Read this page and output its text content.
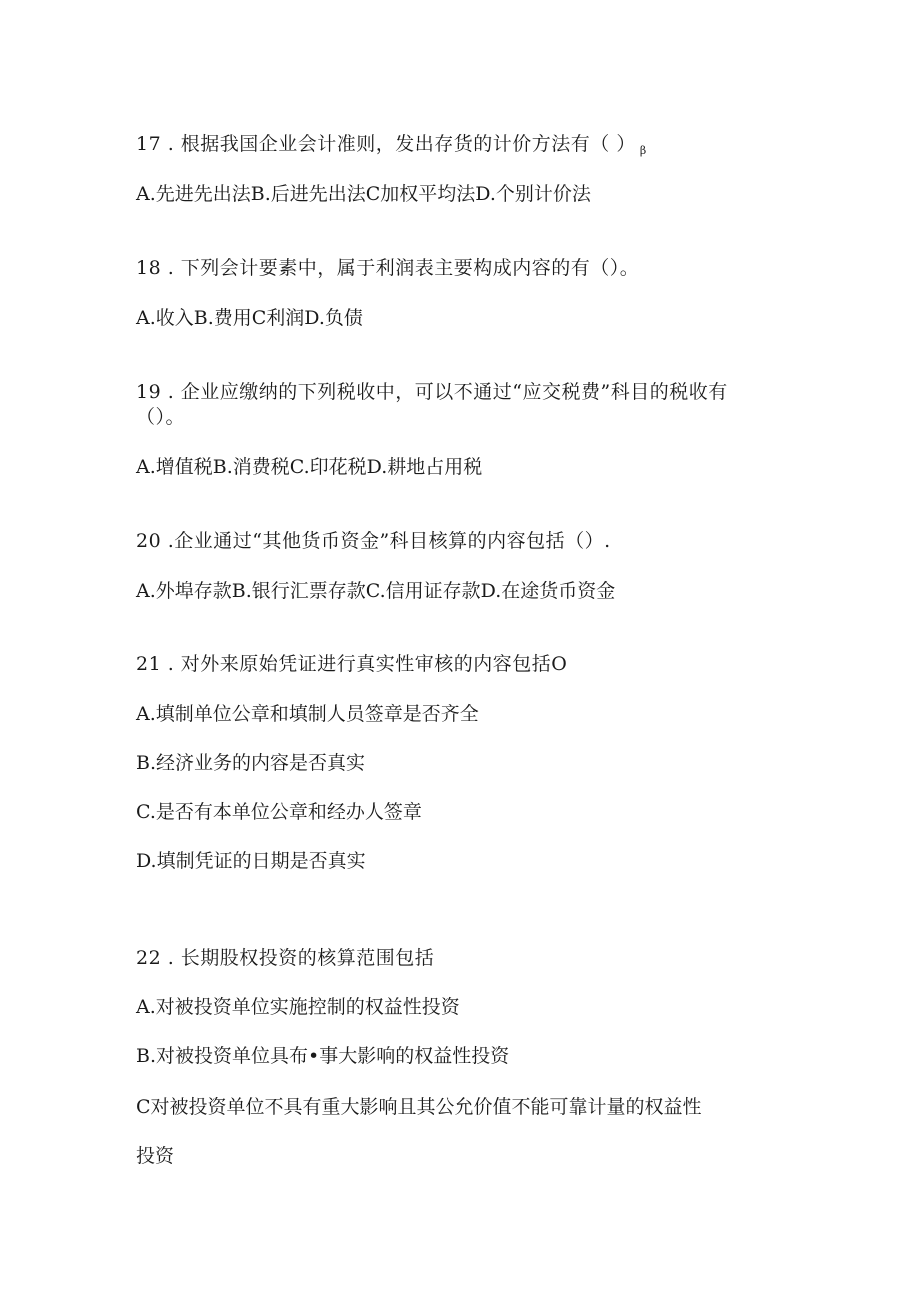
17 . 根据我国企业会计准则，发出存货的计价方法有（ ） $_\beta$
A.先进先出法B.后进先出法C加权平均法D.个别计价法
18 . 下列会计要素中，属于利润表主要构成内容的有（）。
A.收入B.费用C利润D.负债
19 . 企业应缴纳的下列税收中，可以不通过“应交税费”科目的税收有
（）。
A.增值税B.消费税C.印花税D.耕地占用税
20 .企业通过“其他货币资金”科目核算的内容包括（）.
A.外埠存款B.银行汇票存款C.信用证存款D.在途货币资金
21 . 对外来原始凭证进行真实性审核的内容包括O
A.填制单位公章和填制人员签章是否齐全
B.经济业务的内容是否真实
C.是否有本单位公章和经办人签章
D.填制凭证的日期是否真实
22 . 长期股权投资的核算范围包括
A.对被投资单位实施控制的权益性投资
B.对被投资单位具布•事大影响的权益性投资
C对被投资单位不具有重大影响且其公允价值不能可靠计量的权益性
投资
